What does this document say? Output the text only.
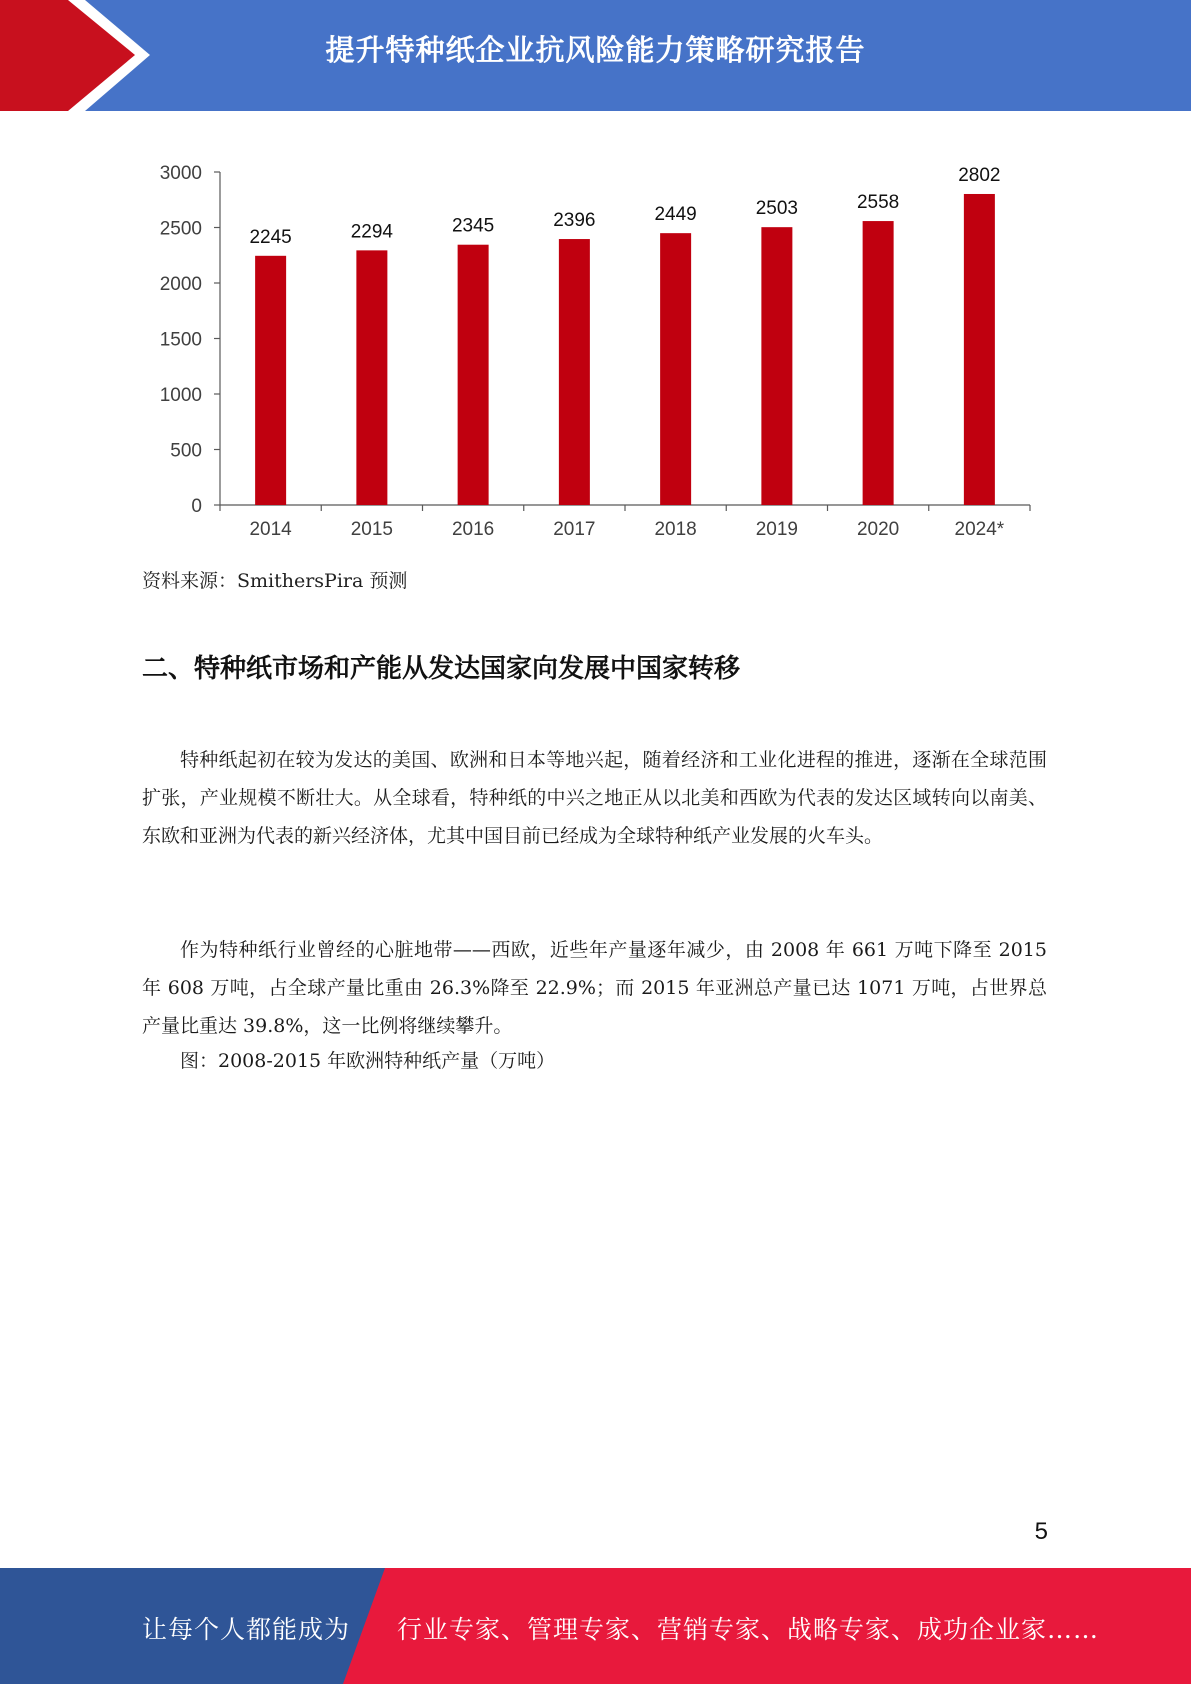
提升特种纸企业抗风险能力策略研究报告
0
500
1000
1500
2000
2500
3000
2245
2014
2294
2015
2345
2016
2396
2017
2449
2018
2503
2019
2558
2020
2802
2024*
资料来源：SmithersPira 预测
二、特种纸市场和产能从发达国家向发展中国家转移

特种纸起初在较为发达的美国、欧洲和日本等地兴起，随着经济和工业化进程的推进，逐渐在全球范围扩张，产业规模不断壮大。从全球看，特种纸的中兴之地正从以北美和西欧为代表的发达区域转向以南美、东欧和亚洲为代表的新兴经济体，尤其中国目前已经成为全球特种纸产业发展的火车头。

作为特种纸行业曾经的心脏地带——西欧，近些年产量逐年减少，由 2008 年 661 万吨下降至 2015 年 608 万吨，占全球产量比重由 26.3%降至 22.9%；而 2015 年亚洲总产量已达 1071 万吨，占世界总产量比重达 39.8%，这一比例将继续攀升。

图：2008-2015 年欧洲特种纸产量（万吨）
5
让每个人都能成为 行业专家、管理专家、营销专家、战略专家、成功企业家……
